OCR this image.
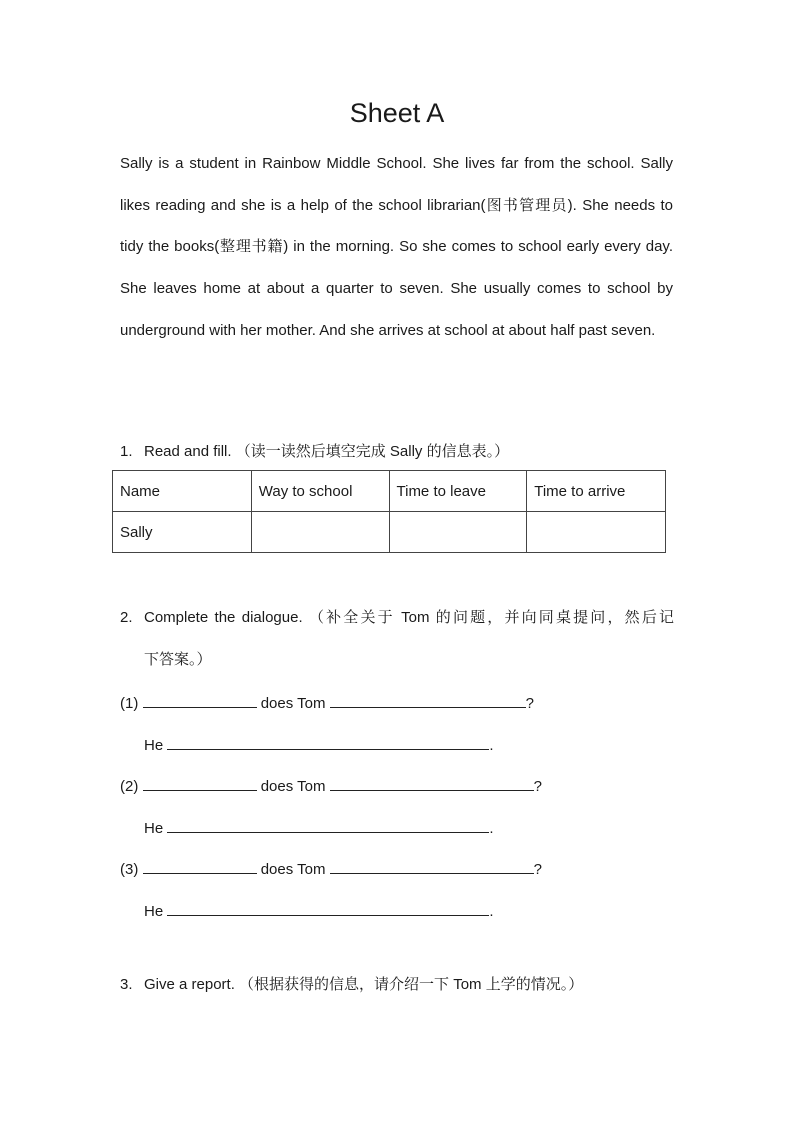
Sheet A

Sally is a student in Rainbow Middle School. She lives far from the school. Sally likes reading and she is a help of the school librarian(图书管理员). She needs to tidy the books(整理书籍) in the morning. So she comes to school early every day. She leaves home at about a quarter to seven. She usually comes to school by underground with her mother. And she arrives at school at about half past seven.

1. Read and fill. （读一读然后填空完成 Sally 的信息表。）
Name	Way to school	Time to leave	Time to arrive
Sally			
2. Complete the dialogue. （补全关于 Tom 的问题，并向同桌提问，然后记
下答案。）
(1)	does Tom	?
He	.
(2)	does Tom	?
He	.
(3)	does Tom	?
He	.
3. Give a report. （根据获得的信息，请介绍一下 Tom 上学的情况。）
